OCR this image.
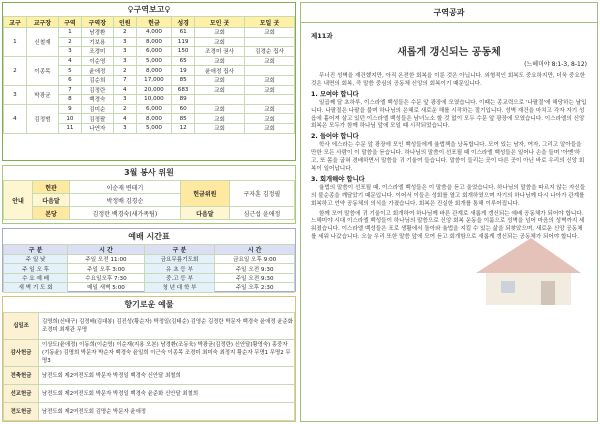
♀구역보고♀
교구	교구장	구역	구역장	인원	헌금	성경	모인 곳	모일 곳
1	신철재	1	남경환	2	4,000	61	교회	교회
		2	기보용	3	8,000	119	교회	
		3	조경미	3	6,000	150	조경미 권사	김경순 집사
2	이종목	4	이순영	3	5,000	65	교회	교회
		5	윤애정	2	8,000	19	윤애정 집사	
		6	김순희	7	17,000	85	교회	교회
3	박광균	7	김정란	4	20,000	683	교회	교회
		8	백경숙	3	10,000	89		
4	김정범	9	김미순	2	6,000	60	교회	교회
		10	김정팔	4	8,000	85	교회	교회
		11	나연자	3	5,000	12	교회	교회
3월 봉사 위원
안내	헌관	이순재 변태기	헌금위원	구자훈 김정필
	다음달	박정배 김경순		
	본당	김정란 백경숙(새가족팀)	다음달	심근섭 윤애정
예배 시간표
구 분	시 간	구 분	시 간
주 일 낮	주일 오전 11:00	금요무릎기도회	금요일 오후 9:00
주 일 오 후	주일 오후 3:00	유 초 등 부	주일 오전 9:30
수 요 예 배	수요일오후 7:30	중.고 등 부	주일 오전 9:30
새 벽 기 도 회	매일 새벽 5:00	청 년 대 학 부	주일 오후 2:30
향기로운 예물
십일조	김영희(신태구) 김정배(김대봉) 김진성(황순자) 박정일(김태순) 김영순 김정란 박문자 백경숙 윤애정 윤준화 조경미 최재관 무명
감사헌금	이상도(윤애정) 이동희(이순영) 이순재(지용 오본) 남경환(조동육) 박광균(김정란) 신안달(황영숙) 홍중자(기동윤) 김명희 박문자 박순자 백경숙 윤일희 이근숙 이종목 조경미 최미숙 최정지 황순자 무명1 무명2 무명3
전축헌금	남전도회 제2여전도회 박문자 박정일 백경숙 신안달 최철희
선교헌금	남전도회 제2여전도회 박문자 박정일 백경숙 윤준화 신안달 최철희
전도헌금	남전도회 제2여전도회 김명순 박문자 윤애정
구역공과
제11과
새롭게 갱신되는 공동체
(느헤미야 8:1-3, 8-12)

무너진 성벽을 재건했지만, 아직 온전한 회복을 이룬 것은 아닙니다. 외형적인 회복도 중요하지만, 더욱 중요한 것은 내면의 회복, 즉 말씀 중심의 공동체 신앙의 회복이기 때문입니다.

1. 모여야 합니다

일곱째 달 초하루, 이스라엘 백성들은 수문 앞 광장에 모였습니다. 이때는 종교력으로 '나팔절'에 해당하는 날입니다. 나팔절은 나팔을 불며 하나님의 은혜로 새로운 해를 시작하는 절기입니다. 성벽 재건을 마치고 각자 자기 성읍에 흩어져 살고 있던 이스라엘 백성들은 남녀노소 할 것 없이 모두 수문 앞 광장에 모였습니다. 이스라엘의 신앙 회복은 모두가 함께 하나님 앞에 모일 때 시작되었습니다.

2. 들어야 합니다

학사 에스라는 수문 앞 광장에 모인 백성들에게 율법책을 낭독합니다. 모여 있는 남자, 여자, 그리고 알아들을 만한 모든 사람이 이 말씀을 듣습니다. 하나님의 말씀이 선포될 때 이스라엘 백성들은 일어나 손을 들며 '아멘'하고, 또 몸을 굽혀 경배하면서 말씀을 귀 기울여 들습니다. 말씀이 들리는 곳이 다른 곳이 아닌 바로 우리의 신앙 회복이 일어납니다.

3. 회개해야 합니다

율법의 말씀이 선포될 때, 이스라엘 백성들은 이 말씀을 듣고 울었습니다. 하나님의 말씀을 따르지 않는 자신들의 불순종을 깨달았기 때문입니다. 이어서 이들은 성회를 열고 회개하였으며 자기의 하나님께 다시 나아가 관계를 회복하고 언약 공동체의 의식을 가졌습니다. 회복은 진실한 회개를 통해 이루어집니다.

함께 모여 말씀에 귀 기울이고 회개하여 하나님께 바른 관계로 새롭게 갱신되는 예배 공동체가 되어야 합니다. 느헤미야 시대 이스라엘 백성들이 하나님의 말씀으로 신앙 회복 운동을 이룸으로 성벽을 넘어 마음의 성벽까지 세워졌습니다. 이스라엘 백성들은 포로 생활에서 돌아와 율법을 지킬 수 있는 삶을 되찾았으며, 새로운 신앙 공동체를 세워 나갔습니다. 오늘 우리 또한 말씀 앞에 모여 듣고 회개함으로 새롭게 갱신되는 공동체가 되어야 합니다.
